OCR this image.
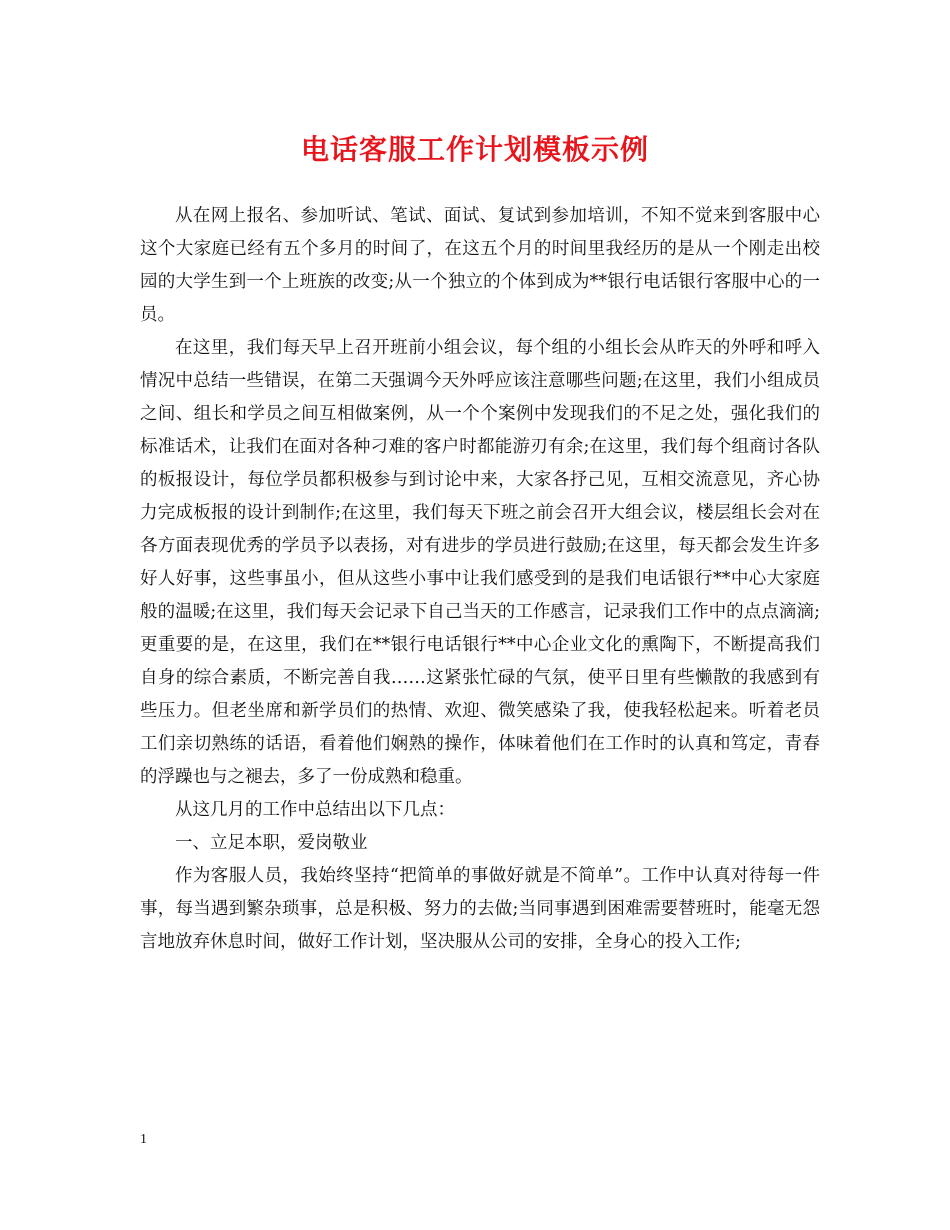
电话客服工作计划模板示例

从在网上报名、参加听试、笔试、面试、复试到参加培训，不知不觉来到客服中心这个大家庭已经有五个多月的时间了，在这五个月的时间里我经历的是从一个刚走出校园的大学生到一个上班族的改变;从一个独立的个体到成为**银行电话银行客服中心的一员。

在这里，我们每天早上召开班前小组会议，每个组的小组长会从昨天的外呼和呼入情况中总结一些错误，在第二天强调今天外呼应该注意哪些问题;在这里，我们小组成员之间、组长和学员之间互相做案例，从一个个案例中发现我们的不足之处，强化我们的标准话术，让我们在面对各种刁难的客户时都能游刃有余;在这里，我们每个组商讨各队的板报设计，每位学员都积极参与到讨论中来，大家各抒己见，互相交流意见，齐心协力完成板报的设计到制作;在这里，我们每天下班之前会召开大组会议，楼层组长会对在各方面表现优秀的学员予以表扬，对有进步的学员进行鼓励;在这里，每天都会发生许多好人好事，这些事虽小，但从这些小事中让我们感受到的是我们电话银行**中心大家庭般的温暖;在这里，我们每天会记录下自己当天的工作感言，记录我们工作中的点点滴滴;更重要的是，在这里，我们在**银行电话银行**中心企业文化的熏陶下，不断提高我们自身的综合素质，不断完善自我……这紧张忙碌的气氛，使平日里有些懒散的我感到有些压力。但老坐席和新学员们的热情、欢迎、微笑感染了我，使我轻松起来。听着老员工们亲切熟练的话语，看着他们娴熟的操作，体味着他们在工作时的认真和笃定，青春的浮躁也与之褪去，多了一份成熟和稳重。

从这几月的工作中总结出以下几点：

一、立足本职，爱岗敬业

作为客服人员，我始终坚持“把简单的事做好就是不简单”。工作中认真对待每一件事，每当遇到繁杂琐事，总是积极、努力的去做;当同事遇到困难需要替班时，能毫无怨言地放弃休息时间，做好工作计划，坚决服从公司的安排，全身心的投入工作;

1
